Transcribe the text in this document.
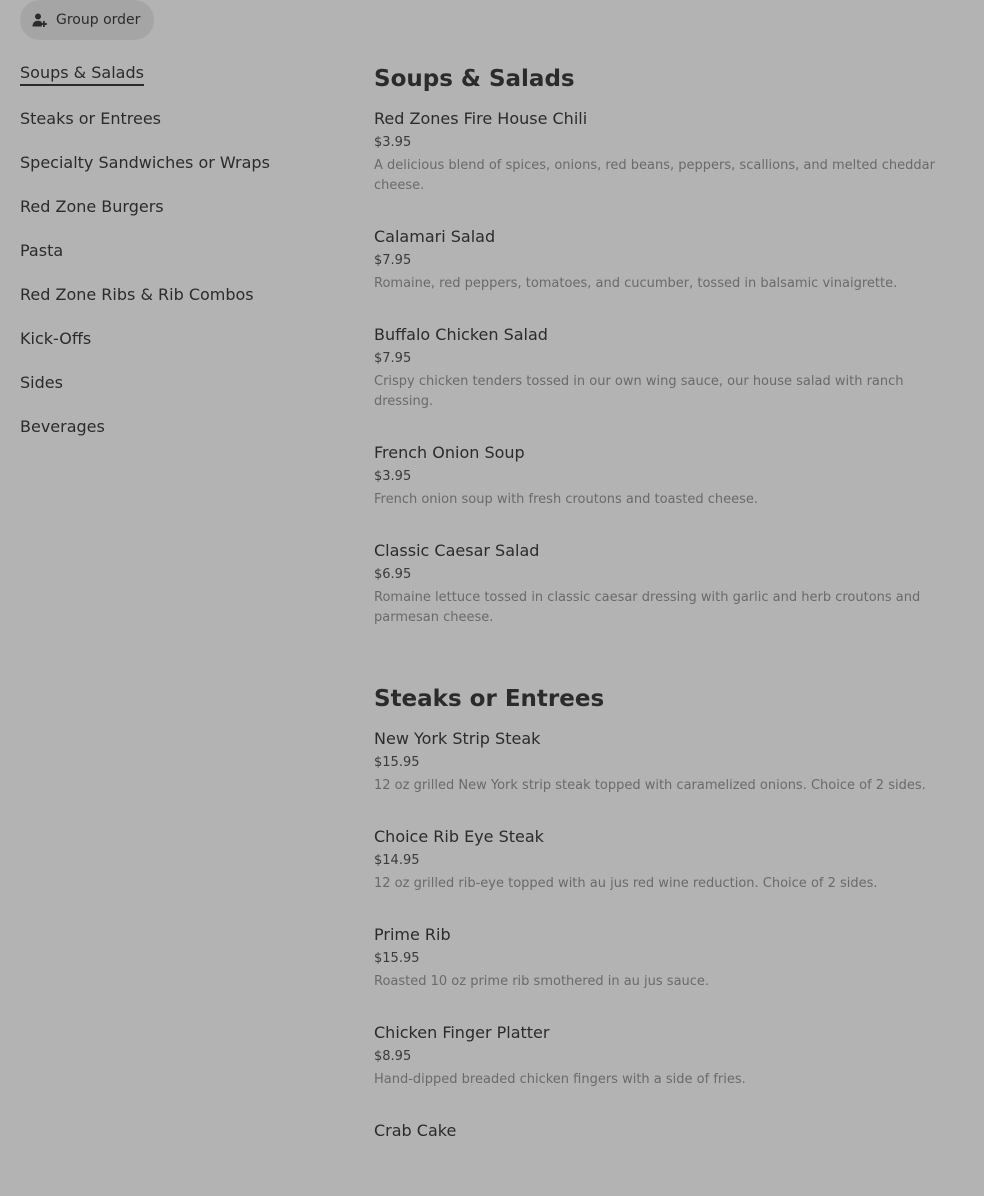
Group order
Soups & Salads
Steaks or Entrees
Specialty Sandwiches or Wraps
Red Zone Burgers
Pasta
Red Zone Ribs & Rib Combos
Kick-Offs
Sides
Beverages
Soups & Salads
Red Zones Fire House Chili
$3.95
A delicious blend of spices, onions, red beans, peppers, scallions, and melted cheddar cheese.
Calamari Salad
$7.95
Romaine, red peppers, tomatoes, and cucumber, tossed in balsamic vinaigrette.
Buffalo Chicken Salad
$7.95
Crispy chicken tenders tossed in our own wing sauce, our house salad with ranch dressing.
French Onion Soup
$3.95
French onion soup with fresh croutons and toasted cheese.
Classic Caesar Salad
$6.95
Romaine lettuce tossed in classic caesar dressing with garlic and herb croutons and parmesan cheese.
Steaks or Entrees
New York Strip Steak
$15.95
12 oz grilled New York strip steak topped with caramelized onions. Choice of 2 sides.
Choice Rib Eye Steak
$14.95
12 oz grilled rib-eye topped with au jus red wine reduction. Choice of 2 sides.
Prime Rib
$15.95
Roasted 10 oz prime rib smothered in au jus sauce.
Chicken Finger Platter
$8.95
Hand-dipped breaded chicken fingers with a side of fries.
Crab Cake
